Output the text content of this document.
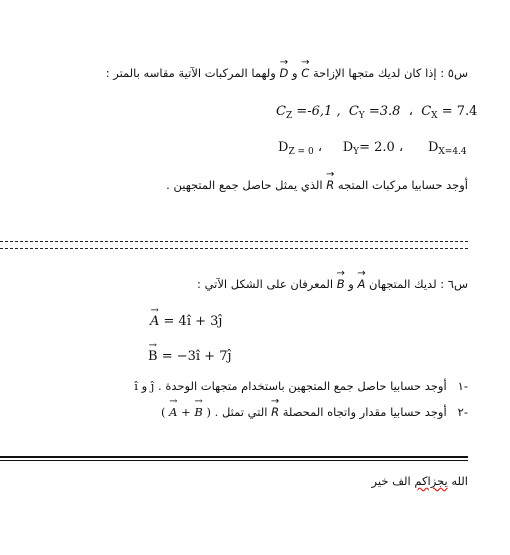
س٥ : إذا كان لديك متجها الإزاحة → C و → D ولهما المركبات الآتية مقاسه بالمتر :
$C_Z =-6,1$ , $C_Y =3.8$ ، $C_X = 7.4$
$D_{Z = 0}$ ، $D_Y= 2.0$ ، $D_{X=4.4}$
أوجد حسابيا مركبات المتجه → R الذي يمثل حاصل جمع المتجهين .
س٦ : لديك المتجهان → A و → B المعرفان على الشكل الآتي :
→ A = 4î + 3ĵ
→ B = −3î + 7ĵ
-١   أوجد حسابيا حاصل جمع المتجهين باستخدام متجهات الوحدة î و ĵ .
-٢   أوجد حسابيا مقدار واتجاه المحصلة → R التي تمثل ( → A + → B ) .
الله يجزاكم الف خير
